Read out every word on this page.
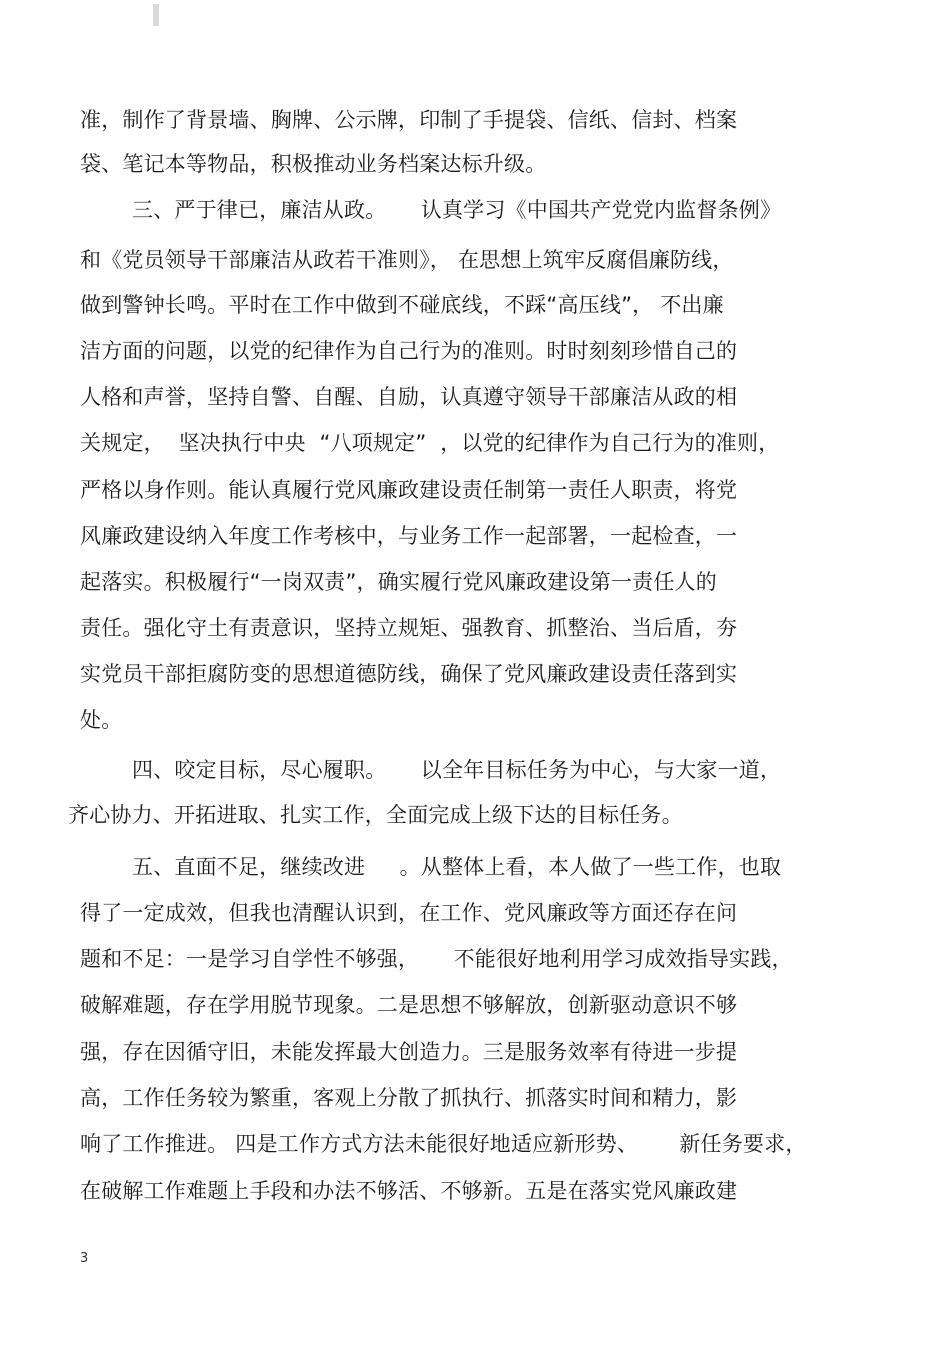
准，制作了背景墙、胸牌、公示牌，印制了手提袋、信纸、信封、档案
袋、笔记本等物品，积极推动业务档案达标升级。
三、严于律已，廉洁从政。     认真学习《中国共产党党内监督条例》
和《党员领导干部廉洁从政若干准则》， 在思想上筑牢反腐倡廉防线，
做到警钟长鸣。平时在工作中做到不碰底线，不踩“高压线”， 不出廉
洁方面的问题，以党的纪律作为自己行为的准则。时时刻刻珍惜自己的
人格和声誉，坚持自警、自醒、自励，认真遵守领导干部廉洁从政的相
关规定，  坚决执行中央  “八项规定”  ，以党的纪律作为自己行为的准则，
严格以身作则。能认真履行党风廉政建设责任制第一责任人职责，将党
风廉政建设纳入年度工作考核中，与业务工作一起部署，一起检查，一
起落实。积极履行“一岗双责”，确实履行党风廉政建设第一责任人的
责任。强化守土有责意识，坚持立规矩、强教育、抓整治、当后盾，夯
实党员干部拒腐防变的思想道德防线，确保了党风廉政建设责任落到实
处。
四、咬定目标，尽心履职。     以全年目标任务为中心，与大家一道，
齐心协力、开拓进取、扎实工作，全面完成上级下达的目标任务。
五、直面不足，继续改进     。从整体上看，本人做了一些工作，也取
得了一定成效，但我也清醒认识到，在工作、党风廉政等方面还存在问
题和不足：一是学习自学性不够强，     不能很好地利用学习成效指导实践，
破解难题，存在学用脱节现象。二是思想不够解放，创新驱动意识不够
强，存在因循守旧，未能发挥最大创造力。三是服务效率有待进一步提
高，工作任务较为繁重，客观上分散了抓执行、抓落实时间和精力，影
响了工作推进。 四是工作方式方法未能很好地适应新形势、      新任务要求，
在破解工作难题上手段和办法不够活、不够新。五是在落实党风廉政建
3
